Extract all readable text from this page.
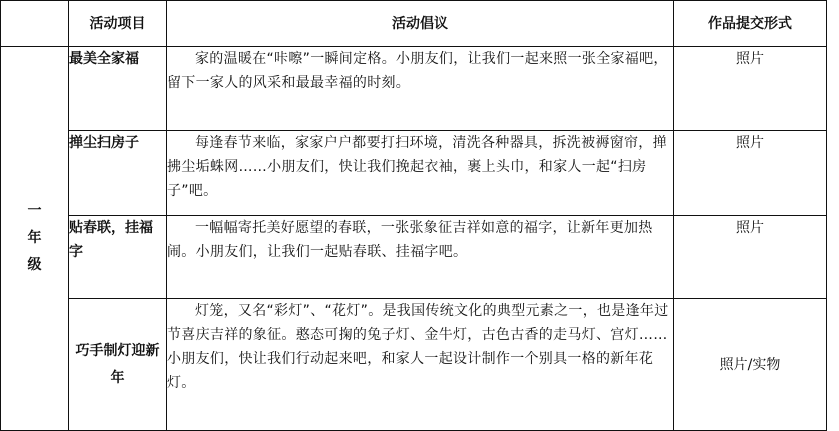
	活动项目	活动倡议	作品提交形式
一年级	最美全家福	家的温暖在“咔嚓”一瞬间定格。小朋友们，让我们一起来照一张全家福吧，留下一家人的风采和最最幸福的时刻。	照片
	掸尘扫房子	每逢春节来临，家家户户都要打扫环境，清洗各种器具，拆洗被褥窗帘，掸拂尘垢蛛网……小朋友们，快让我们挽起衣袖，裹上头巾，和家人一起“扫房子”吧。	照片
	贴春联，挂福字	一幅幅寄托美好愿望的春联，一张张象征吉祥如意的福字，让新年更加热闹。小朋友们，让我们一起贴春联、挂福字吧。	照片
	巧手制灯迎新年	灯笼，又名“彩灯”、“花灯”。是我国传统文化的典型元素之一，也是逢年过节喜庆吉祥的象征。憨态可掬的兔子灯、金牛灯，古色古香的走马灯、宫灯……小朋友们，快让我们行动起来吧，和家人一起设计制作一个别具一格的新年花灯。	照片/实物
